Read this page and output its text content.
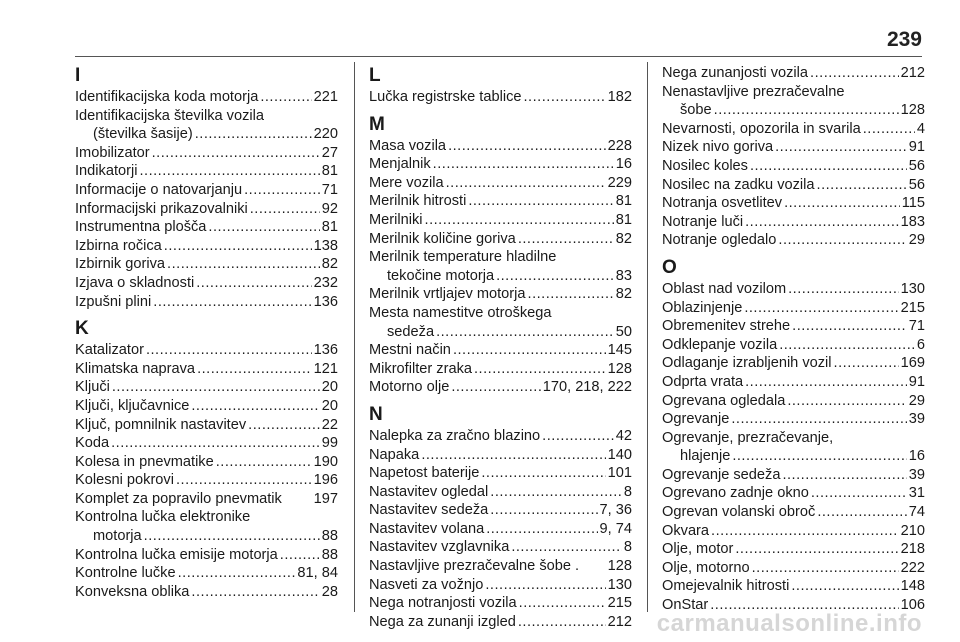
239
I
Identifikacijska koda motorja .....	221
Identifikacijska številka vozila
(številka šasije) .....	220
Imobilizator .....	27
Indikatorji .....	81
Informacije o natovarjanju .....	71
Informacijski prikazovalniki .....	92
Instrumentna plošča .....	81
Izbirna ročica .....	138
Izbirnik goriva .....	82
Izjava o skladnosti .....	232
Izpušni plini .....	136
K
Katalizator .....	136
Klimatska naprava .....	121
Ključi .....	20
Ključi, ključavnice .....	20
Ključ, pomnilnik nastavitev .....	22
Koda .....	99
Kolesa in pnevmatike .....	190
Kolesni pokrovi .....	196
Komplet za popravilo pnevmatik 197
Kontrolna lučka elektronike
motorja .....	88
Kontrolna lučka emisije motorja .....	88
Kontrolne lučke .....	81, 84
Konveksna oblika .....	28
L
Lučka registrske tablice .....	182
M
Masa vozila .....	228
Menjalnik .....	16
Mere vozila .....	229
Merilnik hitrosti .....	81
Merilniki .....	81
Merilnik količine goriva .....	82
Merilnik temperature hladilne
tekočine motorja .....	83
Merilnik vrtljajev motorja .....	82
Mesta namestitve otroškega
sedeža .....	50
Mestni način .....	145
Mikrofilter zraka .....	128
Motorno olje .....	170, 218, 222
N
Nalepka za zračno blazino .....	42
Napaka .....	140
Napetost baterije .....	101
Nastavitev ogledal .....	8
Nastavitev sedeža .....	7, 36
Nastavitev volana .....	9, 74
Nastavitev vzglavnika .....	8
Nastavljive prezračevalne šobe . 128
Nasveti za vožnjo .....	130
Nega notranjosti vozila .....	215
Nega za zunanji izgled .....	212
Nega zunanjosti vozila .....	212
Nenastavljive prezračevalne
šobe .....	128
Nevarnosti, opozorila in svarila .....	4
Nizek nivo goriva .....	91
Nosilec koles .....	56
Nosilec na zadku vozila .....	56
Notranja osvetlitev .....	115
Notranje luči .....	183
Notranje ogledalo .....	29
O
Oblast nad vozilom .....	130
Oblazinjenje .....	215
Obremenitev strehe .....	71
Odklepanje vozila .....	6
Odlaganje izrabljenih vozil .....	169
Odprta vrata .....	91
Ogrevana ogledala .....	29
Ogrevanje .....	39
Ogrevanje, prezračevanje,
hlajenje .....	16
Ogrevanje sedeža .....	39
Ogrevano zadnje okno .....	31
Ogrevan volanski obroč .....	74
Okvara .....	210
Olje, motor .....	218
Olje, motorno .....	222
Omejevalnik hitrosti .....	148
OnStar .....	106
carmanualsonline.info
